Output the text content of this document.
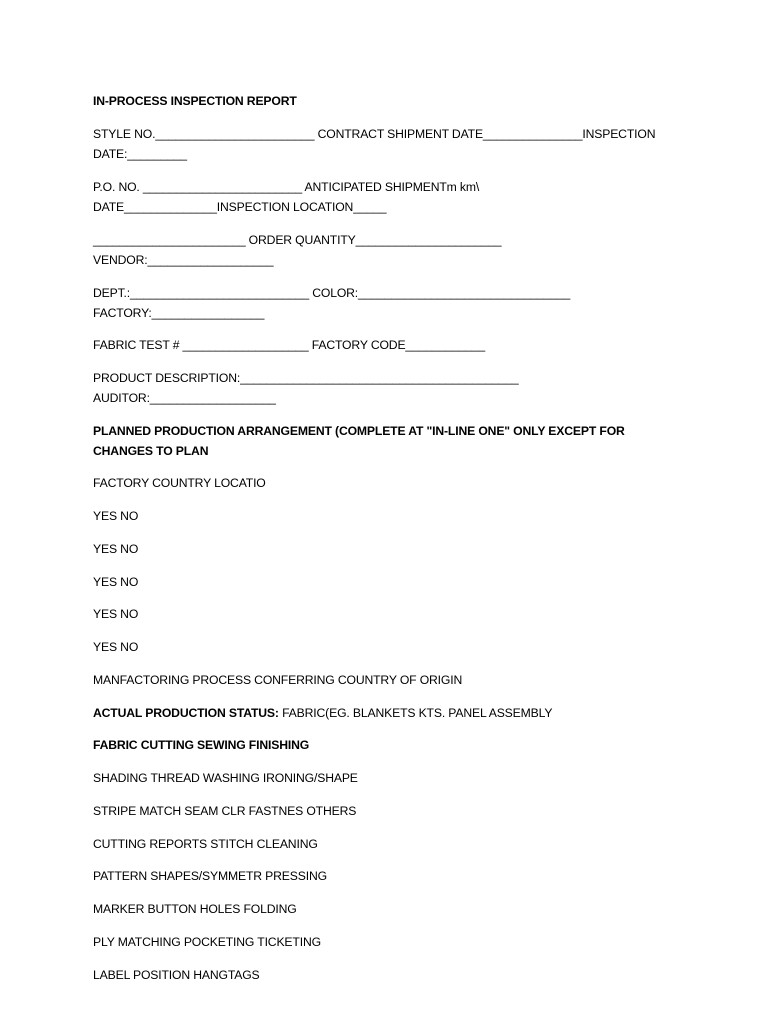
IN-PROCESS INSPECTION REPORT

STYLE NO.________________________ CONTRACT SHIPMENT DATE_______________INSPECTION

DATE:_________

P.O. NO. ________________________ ANTICIPATED SHIPMENTm km\

DATE______________INSPECTION LOCATION_____

_______________________ ORDER QUANTITY______________________

VENDOR:___________________

DEPT.:___________________________ COLOR:________________________________

FACTORY:_________________

FABRIC TEST # ___________________ FACTORY CODE____________

PRODUCT DESCRIPTION:__________________________________________

AUDITOR:___________________

PLANNED PRODUCTION ARRANGEMENT (COMPLETE AT "IN-LINE ONE" ONLY EXCEPT FOR

CHANGES TO PLAN

FACTORY COUNTRY LOCATIO

YES NO

YES NO

YES NO

YES NO

YES NO

MANFACTORING PROCESS CONFERRING COUNTRY OF ORIGIN

ACTUAL PRODUCTION STATUS: FABRIC(EG. BLANKETS KTS. PANEL ASSEMBLY

FABRIC CUTTING SEWING FINISHING

SHADING THREAD WASHING IRONING/SHAPE

STRIPE MATCH SEAM CLR FASTNES OTHERS

CUTTING REPORTS STITCH CLEANING

PATTERN SHAPES/SYMMETR PRESSING

MARKER BUTTON HOLES FOLDING

PLY MATCHING POCKETING TICKETING

LABEL POSITION HANGTAGS
